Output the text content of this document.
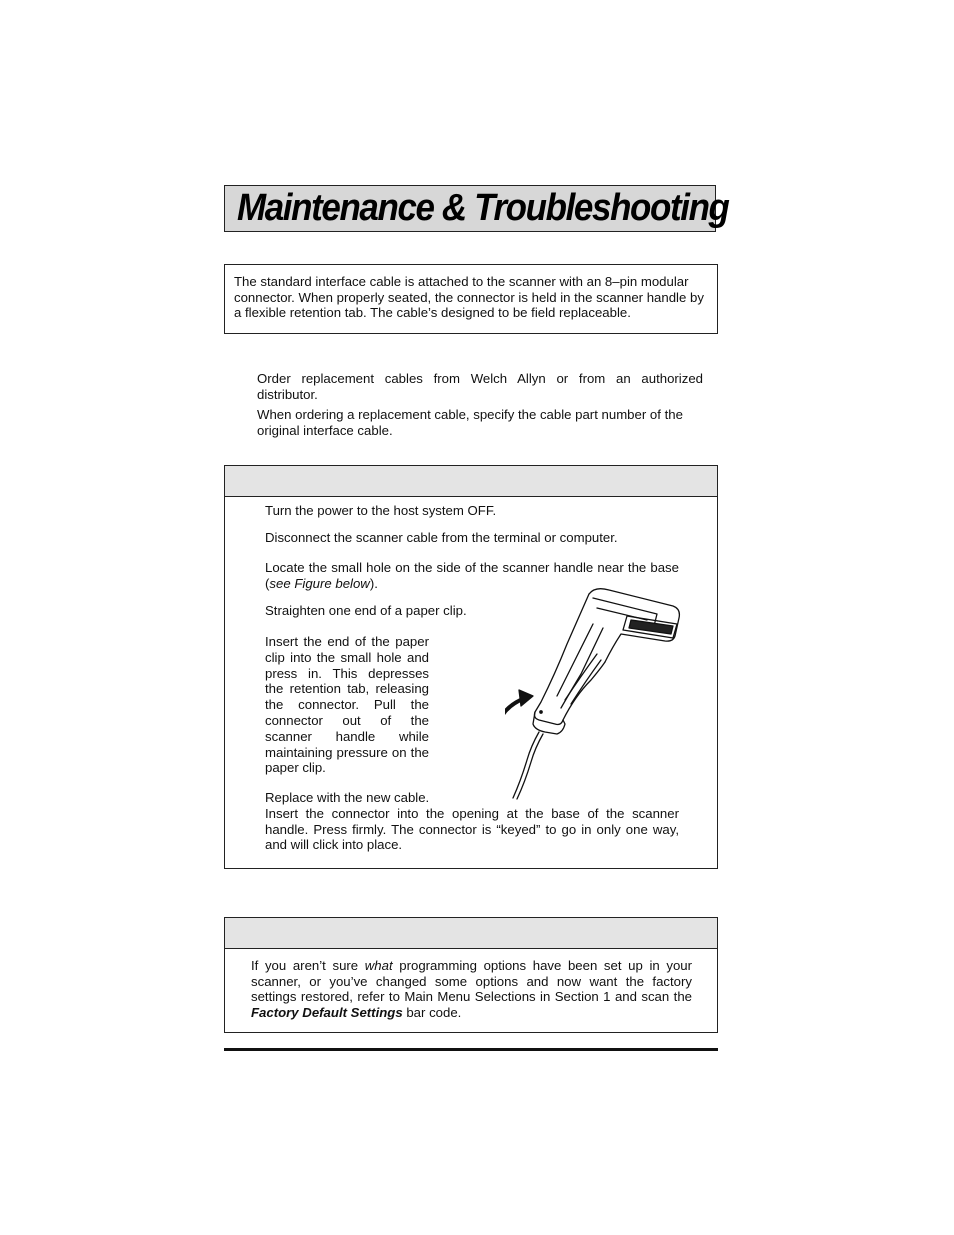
Maintenance & Troubleshooting
The standard interface cable is attached to the scanner with an 8–pin modular connector. When properly seated, the connector is held in the scanner handle by a flexible retention tab. The cable’s designed to be field replaceable.
Order replacement cables from Welch Allyn or from an authorized distributor.
When ordering a replacement cable, specify the cable part number of the original interface cable.
Turn the power to the host system OFF.
Disconnect the scanner cable from the terminal or computer.
Locate the small hole on the side of the scanner handle near the base (see Figure below).
Straighten one end of a paper clip.
Insert the end of the paper clip into the small hole and press in. This depresses the retention tab, releasing the connector. Pull the connector out of the scanner handle while maintaining pressure on the paper clip.
Replace with the new cable.
Insert the connector into the opening at the base of the scanner handle. Press firmly. The connector is “keyed” to go in only one way, and will click into place.
If you aren’t sure what programming options have been set up in your scanner, or you’ve changed some options and now want the factory settings restored, refer to Main Menu Selections in Section 1 and scan the Factory Default Settings bar code.
